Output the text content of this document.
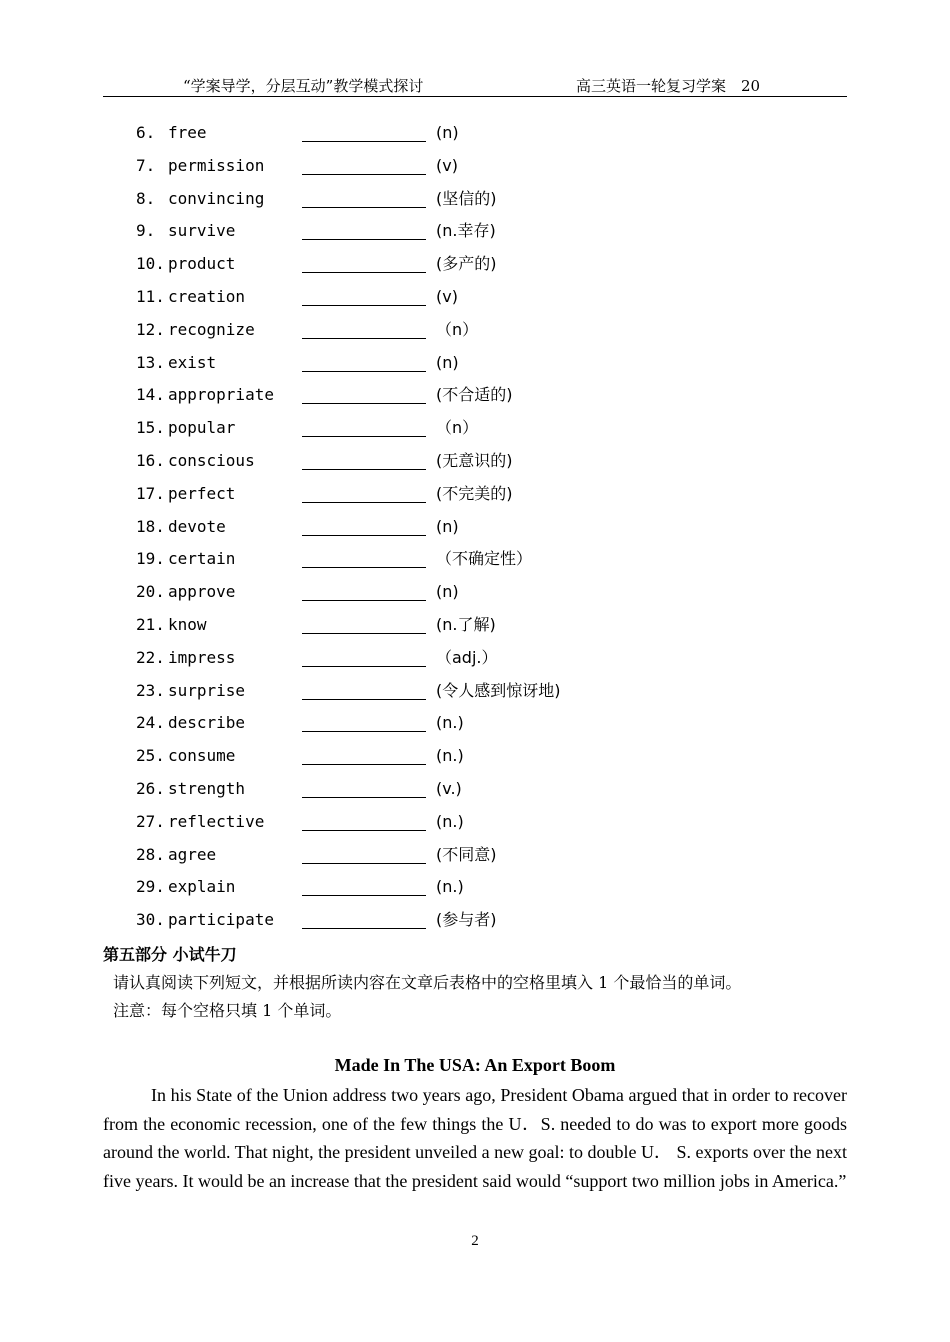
“学案导学，分层互动”教学模式探讨	高三英语一轮复习学案　20
6. free	(n)
7. permission	(v)
8. convincing	(坚信的)
9. survive	(n.幸存)
10. product	(多产的)
11. creation	(v)
12. recognize	（n）
13. exist	(n)
14. appropriate	(不合适的)
15. popular	（n）
16. conscious	(无意识的)
17. perfect	(不完美的)
18. devote	(n)
19. certain	（不确定性）
20. approve	(n)
21. know	(n.了解)
22. impress	（adj.）
23. surprise	(令人感到惊讶地)
24. describe	(n.)
25. consume	(n.)
26. strength	(v.)
27. reflective	(n.)
28. agree	(不同意)
29. explain	(n.)
30. participate	(参与者)
第五部分 小试牛刀
请认真阅读下列短文，并根据所读内容在文章后表格中的空格里填入 1 个最恰当的单词。
注意：每个空格只填 1 个单词。
Made In The USA: An Export Boom

In his State of the Union address two years ago, President Obama argued that in order to recover from the economic recession, one of the few things the U．S. needed to do was to export more goods around the world. That night, the president unveiled a new goal: to double U． S. exports over the next five years. It would be an increase that the president said would “support two million jobs in America.”

2
